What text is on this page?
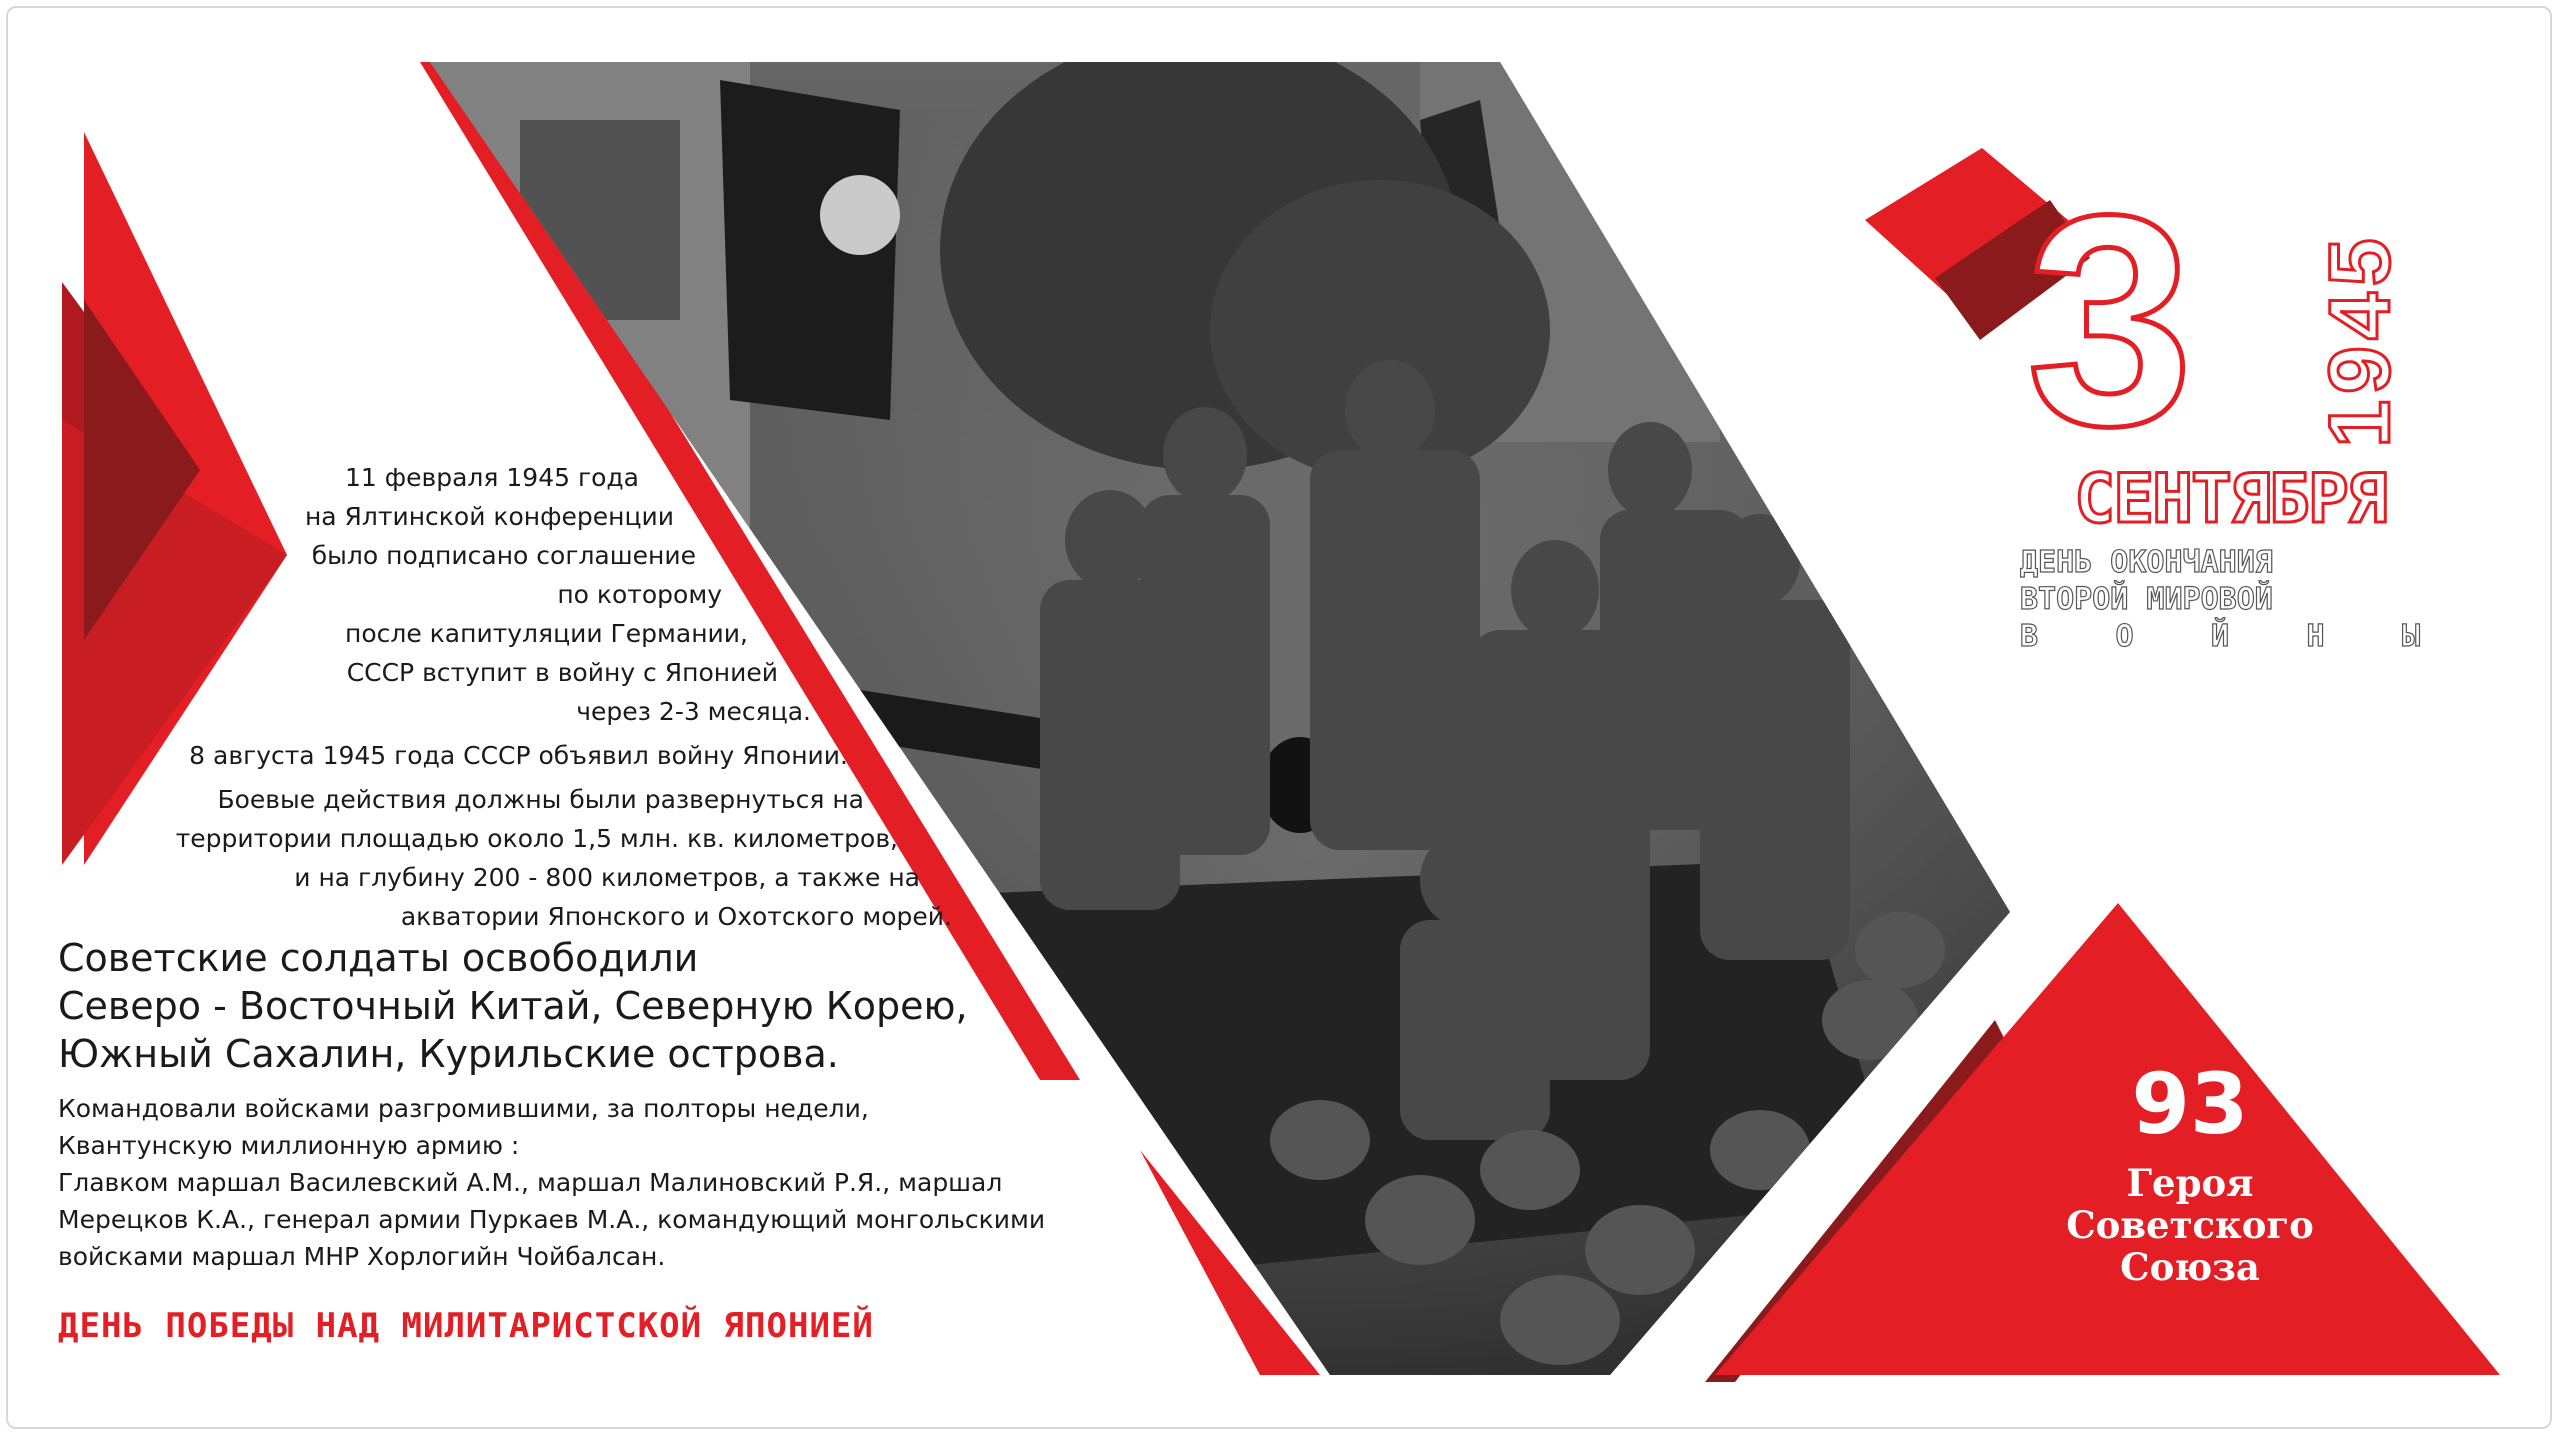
11 февраля 1945 года
на Ялтинской конференции
было подписано соглашение
по которому
после капитуляции Германии,
СССР вступит в войну с Японией
через 2-3 месяца.
8 августа 1945 года СССР объявил войну Японии.
Боевые действия должны были развернуться на
территории площадью около 1,5 млн. кв. километров,
и на глубину 200 - 800 километров, а также на
акватории Японского и Охотского морей.
Советские солдаты освободили
Северо - Восточный Китай, Северную Корею,
Южный Сахалин, Курильские острова.
Командовали войсками разгромившими, за полторы недели,
Квантунскую миллионную армию :
Главком маршал Василевский А.М., маршал Малиновский Р.Я., маршал
Мерецков К.А., генерал армии Пуркаев М.А., командующий монгольскими
войсками маршал МНР Хорлогийн Чойбалсан.
ДЕНЬ ПОБЕДЫ НАД МИЛИТАРИСТСКОЙ ЯПОНИЕЙ
3	1945
СЕНТЯБРЯ
ДЕНЬ ОКОНЧАНИЯ
ВТОРОЙ МИРОВОЙ
В	О	Й	Н	Ы
93
Героя
Советского
Союза
